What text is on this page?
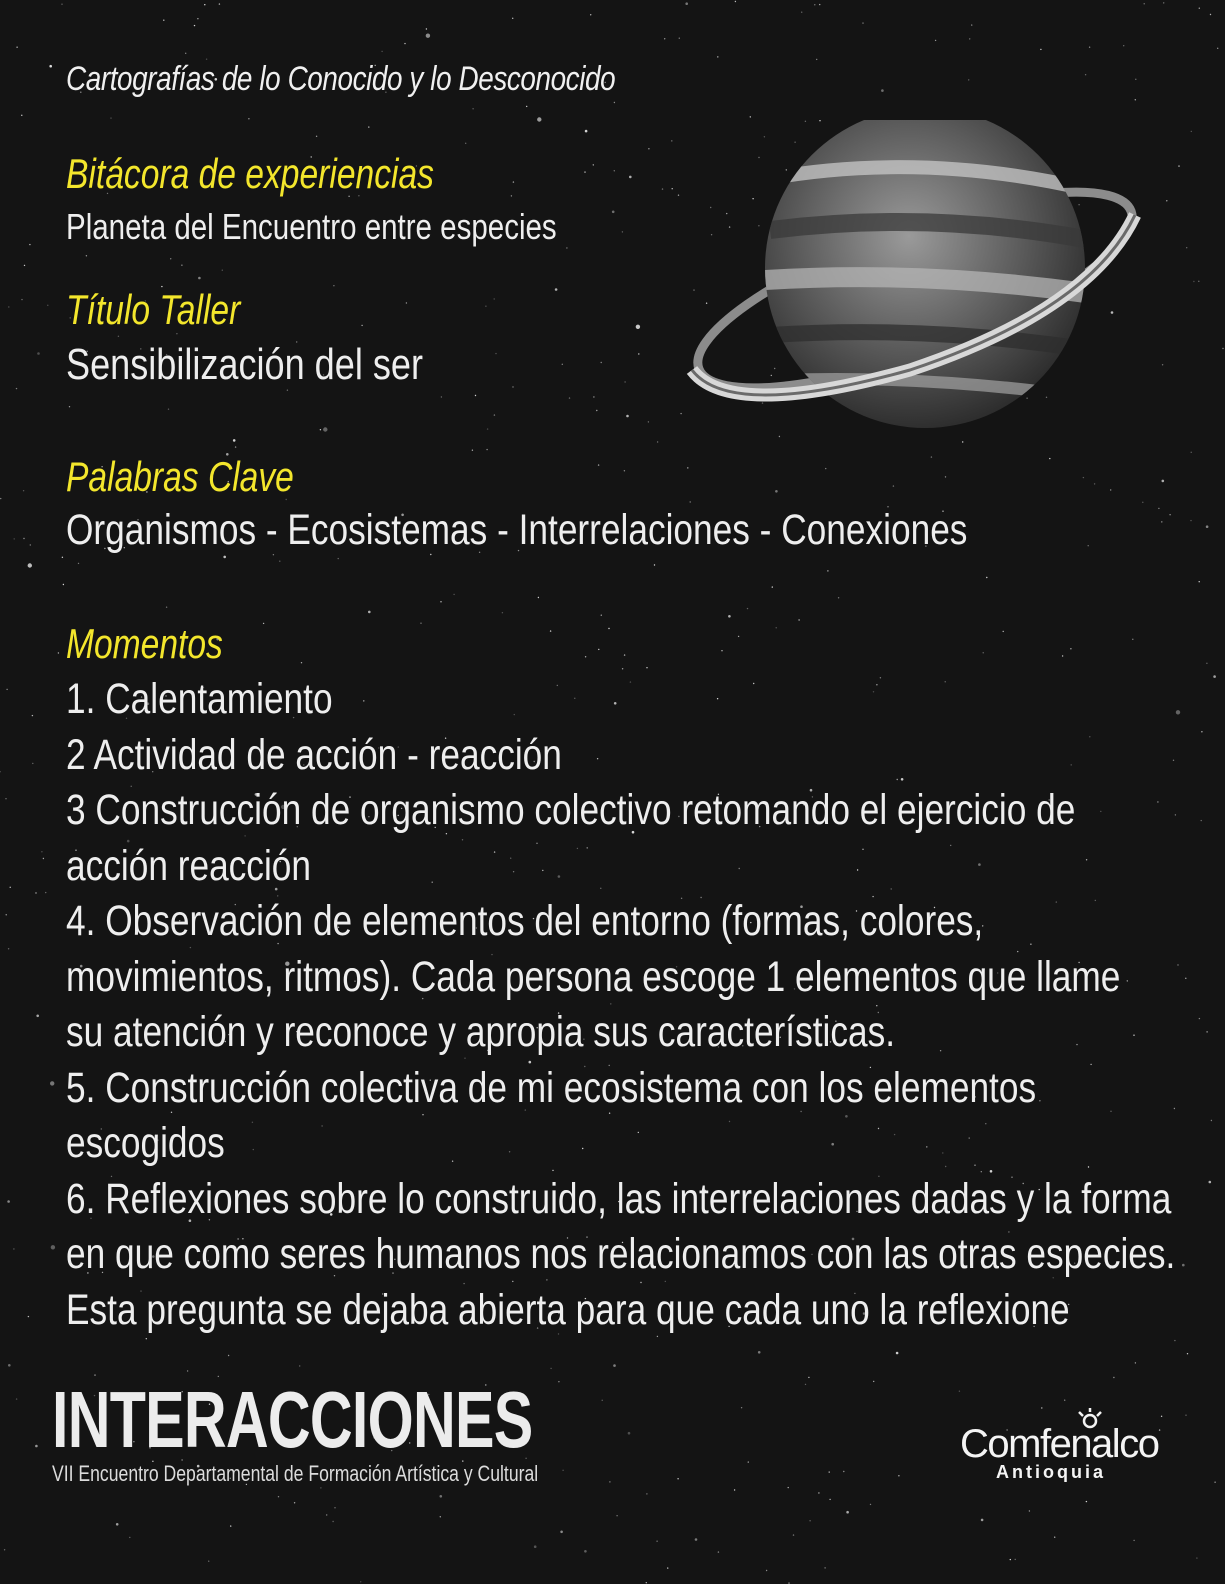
Cartografías de lo Conocido y lo Desconocido
Bitácora de experiencias
Planeta del Encuentro entre especies
Título Taller
Sensibilización del ser
Palabras Clave
Organismos - Ecosistemas - Interrelaciones - Conexiones
Momentos
1. Calentamiento
2 Actividad de acción - reacción
3 Construcción de organismo colectivo retomando el ejercicio de
acción reacción
4. Observación de elementos del entorno (formas, colores,
movimientos, ritmos). Cada persona escoge 1 elementos que llame
su atención y reconoce y apropia sus características.
5. Construcción colectiva de mi ecosistema con los elementos
escogidos
6. Reflexiones sobre lo construido, las interrelaciones dadas y la forma
en que como seres humanos nos relacionamos con las otras especies.
Esta pregunta se dejaba abierta para que cada uno la reflexione
INTERACCIONES
VII Encuentro Departamental de Formación Artística y Cultural
Comfenalco
Antioquia
